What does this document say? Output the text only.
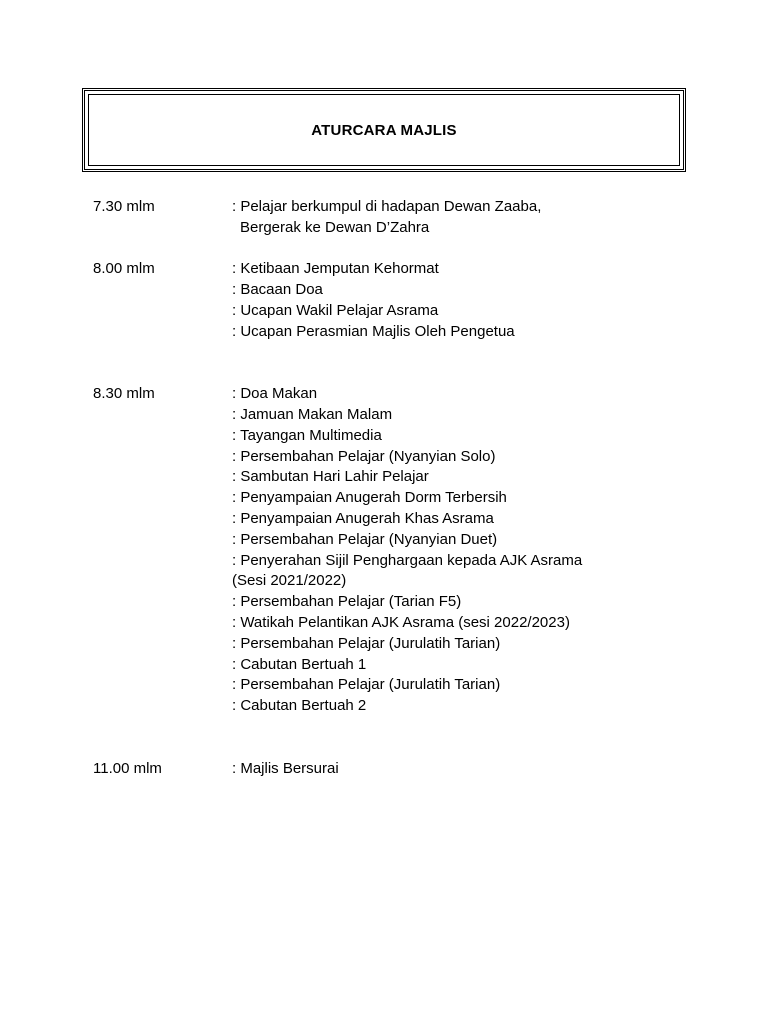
ATURCARA MAJLIS
7.30 mlm	: Pelajar berkumpul di hadapan Dewan Zaaba,
Bergerak ke Dewan D’Zahra
8.00 mlm	: Ketibaan Jemputan Kehormat
: Bacaan Doa
: Ucapan Wakil Pelajar Asrama
: Ucapan Perasmian Majlis Oleh Pengetua
8.30 mlm	: Doa Makan
: Jamuan Makan Malam
: Tayangan Multimedia
: Persembahan Pelajar (Nyanyian Solo)
: Sambutan Hari Lahir Pelajar
: Penyampaian Anugerah Dorm Terbersih
: Penyampaian Anugerah Khas Asrama
: Persembahan Pelajar (Nyanyian Duet)
: Penyerahan Sijil Penghargaan kepada AJK Asrama
(Sesi 2021/2022)
: Persembahan Pelajar (Tarian F5)
: Watikah Pelantikan AJK Asrama (sesi 2022/2023)
: Persembahan Pelajar (Jurulatih Tarian)
: Cabutan Bertuah 1
: Persembahan Pelajar (Jurulatih Tarian)
: Cabutan Bertuah 2
11.00 mlm	: Majlis Bersurai
